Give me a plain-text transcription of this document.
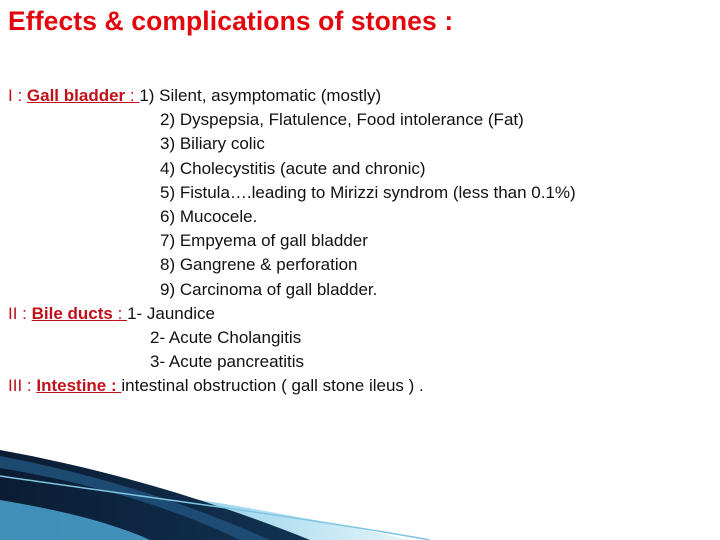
Effects & complications of stones :
I : Gall bladder : 1) Silent, asymptomatic (mostly)
2) Dyspepsia, Flatulence, Food intolerance (Fat)
3) Biliary colic
4) Cholecystitis (acute and chronic)
5) Fistula….leading to Mirizzi syndrom (less than 0.1%)
6) Mucocele.
7) Empyema of gall bladder
8) Gangrene & perforation
9) Carcinoma of gall bladder.
II : Bile ducts : 1- Jaundice
2- Acute Cholangitis
3- Acute pancreatitis
III : Intestine : intestinal obstruction ( gall stone ileus ) .
